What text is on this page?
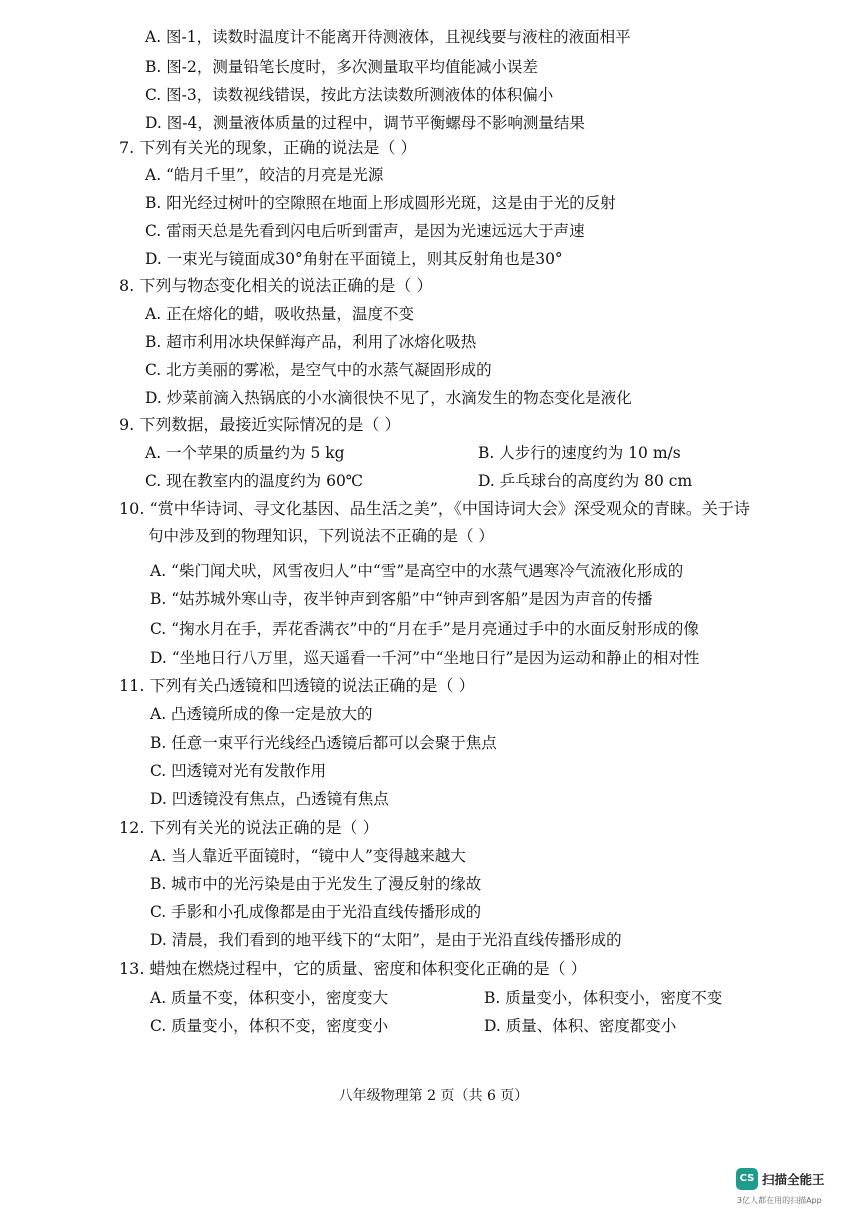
A. 图-1，读数时温度计不能离开待测液体，且视线要与液柱的液面相平
B. 图-2，测量铅笔长度时，多次测量取平均值能减小误差
C. 图-3，读数视线错误，按此方法读数所测液体的体积偏小
D. 图-4，测量液体质量的过程中，调节平衡螺母不影响测量结果
7. 下列有关光的现象，正确的说法是（ ）
A. “皓月千里”，皎洁的月亮是光源
B. 阳光经过树叶的空隙照在地面上形成圆形光斑，这是由于光的反射
C. 雷雨天总是先看到闪电后听到雷声，是因为光速远远大于声速
D. 一束光与镜面成30°角射在平面镜上，则其反射角也是30°
8. 下列与物态变化相关的说法正确的是（ ）
A. 正在熔化的蜡，吸收热量，温度不变
B. 超市利用冰块保鲜海产品，利用了冰熔化吸热
C. 北方美丽的雾凇，是空气中的水蒸气凝固形成的
D. 炒菜前滴入热锅底的小水滴很快不见了，水滴发生的物态变化是液化
9. 下列数据，最接近实际情况的是（ ）
A. 一个苹果的质量约为 5 kg	B. 人步行的速度约为 10 m/s
C. 现在教室内的温度约为 60℃	D. 乒乓球台的高度约为 80 cm
10. “赏中华诗词、寻文化基因、品生活之美”，《中国诗词大会》深受观众的青睐。关于诗
句中涉及到的物理知识，下列说法不正确的是（ ）
A. “柴门闻犬吠，风雪夜归人”中“雪”是高空中的水蒸气遇寒冷气流液化形成的
B. “姑苏城外寒山寺，夜半钟声到客船”中“钟声到客船”是因为声音的传播
C. “掬水月在手，弄花香满衣”中的“月在手”是月亮通过手中的水面反射形成的像
D. “坐地日行八万里，巡天遥看一千河”中“坐地日行”是因为运动和静止的相对性
11. 下列有关凸透镜和凹透镜的说法正确的是（ ）
A. 凸透镜所成的像一定是放大的
B. 任意一束平行光线经凸透镜后都可以会聚于焦点
C. 凹透镜对光有发散作用
D. 凹透镜没有焦点，凸透镜有焦点
12. 下列有关光的说法正确的是（ ）
A. 当人靠近平面镜时，“镜中人”变得越来越大
B. 城市中的光污染是由于光发生了漫反射的缘故
C. 手影和小孔成像都是由于光沿直线传播形成的
D. 清晨，我们看到的地平线下的“太阳”，是由于光沿直线传播形成的
13. 蜡烛在燃烧过程中，它的质量、密度和体积变化正确的是（ ）
A. 质量不变，体积变小，密度变大	B. 质量变小，体积变小，密度不变
C. 质量变小，体积不变，密度变小	D. 质量、体积、密度都变小
八年级物理第 2 页（共 6 页）
CS 扫描全能王
3亿人都在用的扫描App
